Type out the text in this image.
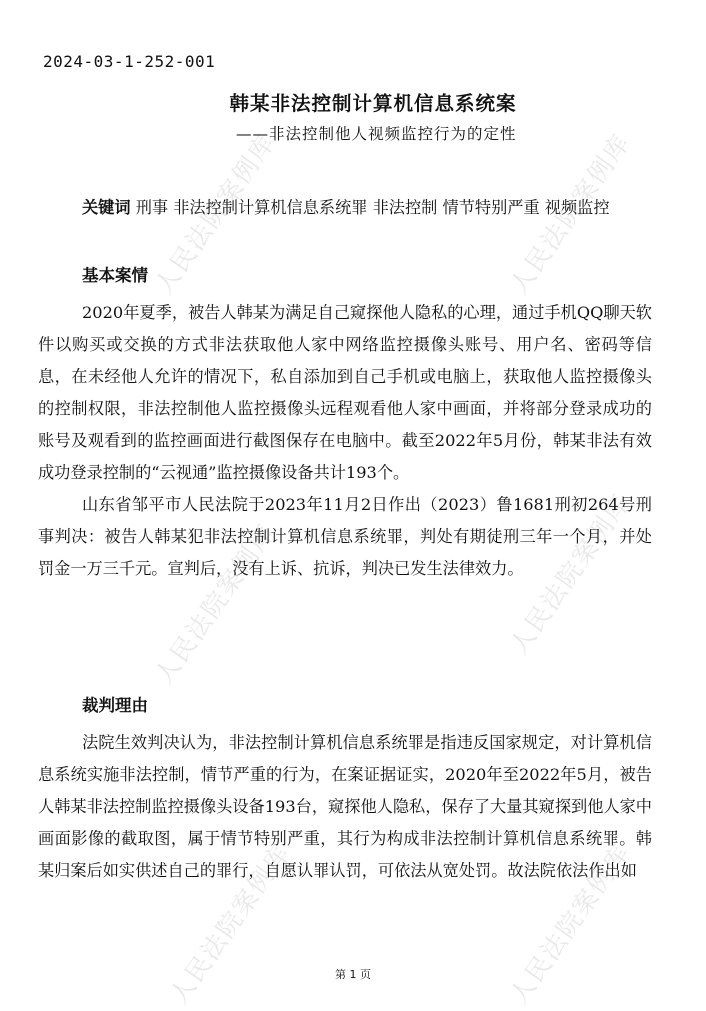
人民法院案例库	人民法院案例库
人民法院案例库	人民法院案例库
人民法院案例库	人民法院案例库
2024-03-1-252-001
韩某非法控制计算机信息系统案
——非法控制他人视频监控行为的定性
关键词 刑事 非法控制计算机信息系统罪 非法控制 情节特别严重 视频监控
基本案情

2020年夏季，被告人韩某为满足自己窥探他人隐私的心理，通过手机QQ聊天软件以购买或交换的方式非法获取他人家中网络监控摄像头账号、用户名、密码等信息，在未经他人允许的情况下，私自添加到自己手机或电脑上，获取他人监控摄像头的控制权限，非法控制他人监控摄像头远程观看他人家中画面，并将部分登录成功的账号及观看到的监控画面进行截图保存在电脑中。截至2022年5月份，韩某非法有效成功登录控制的“云视通”监控摄像设备共计193个。

山东省邹平市人民法院于2023年11月2日作出（2023）鲁1681刑初264号刑事判决：被告人韩某犯非法控制计算机信息系统罪，判处有期徒刑三年一个月，并处罚金一万三千元。宣判后，没有上诉、抗诉，判决已发生法律效力。

裁判理由

法院生效判决认为，非法控制计算机信息系统罪是指违反国家规定，对计算机信息系统实施非法控制，情节严重的行为，在案证据证实，2020年至2022年5月，被告人韩某非法控制监控摄像头设备193台，窥探他人隐私，保存了大量其窥探到他人家中画面影像的截取图，属于情节特别严重，其行为构成非法控制计算机信息系统罪。韩某归案后如实供述自己的罪行，自愿认罪认罚，可依法从宽处罚。故法院依法作出如

第 1 页
